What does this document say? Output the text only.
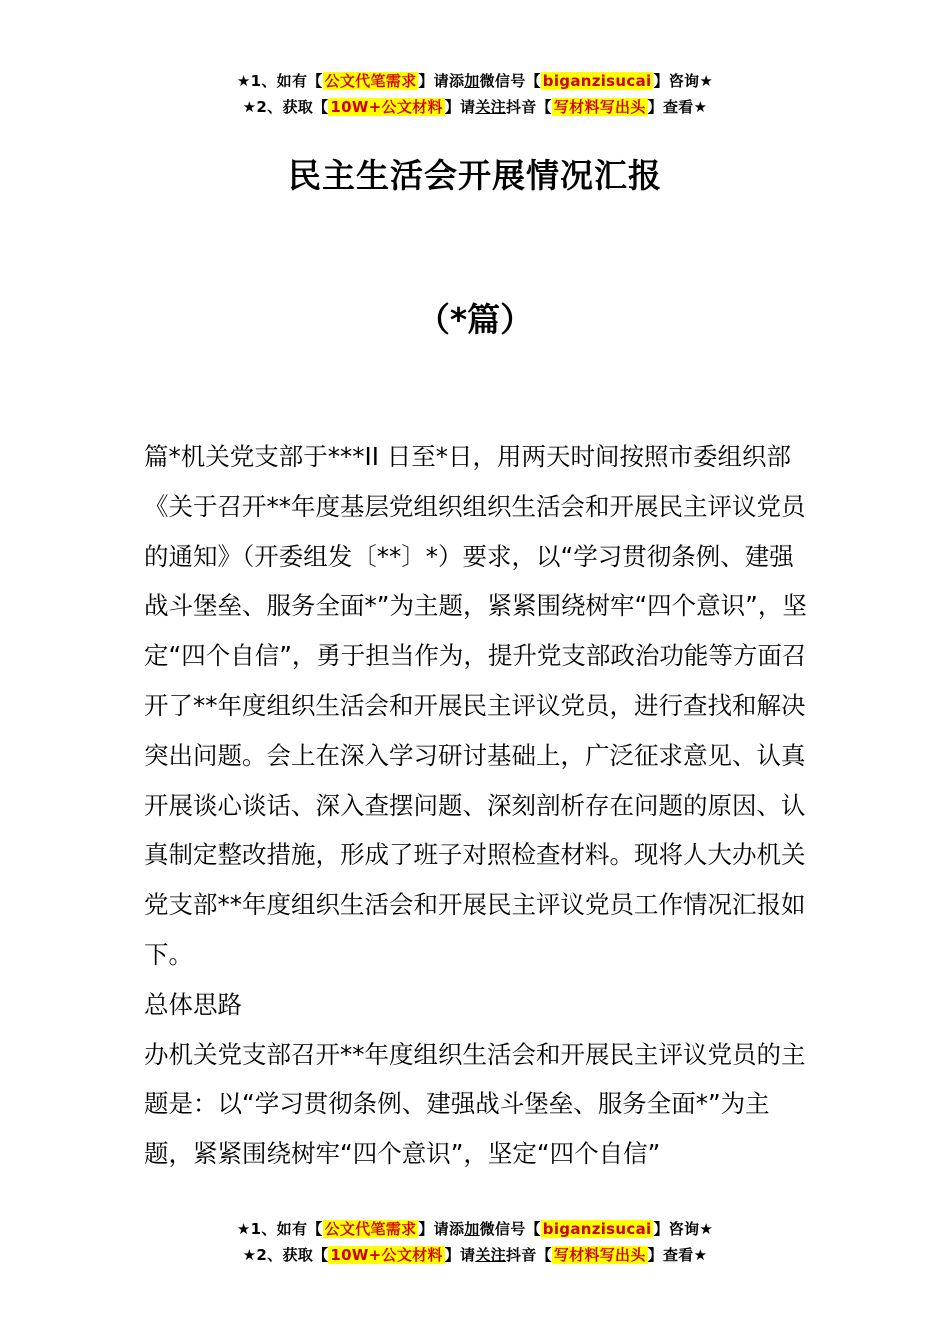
★1、如有【 公文代笔需求 】请添加微信号【 biganzisucai 】咨询★
★2、获取【 10W+公文材料 】请关注抖音【 写材料写出头 】查看★
民主生活会开展情况汇报
（*篇）

篇*机关党支部于***II 日至*日，用两天时间按照市委组织部《关于召开**年度基层党组织组织生活会和开展民主评议党员的通知》（开委组发〔**〕*）要求，以“学习贯彻条例、建强战斗堡垒、服务全面*”为主题，紧紧围绕树牢“四个意识”，坚定“四个自信”，勇于担当作为，提升党支部政治功能等方面召开了**年度组织生活会和开展民主评议党员，进行查找和解决突出问题。会上在深入学习研讨基础上，广泛征求意见、认真开展谈心谈话、深入查摆问题、深刻剖析存在问题的原因、认真制定整改措施，形成了班子对照检查材料。现将人大办机关党支部**年度组织生活会和开展民主评议党员工作情况汇报如下。

总体思路

办机关党支部召开**年度组织生活会和开展民主评议党员的主题是：以“学习贯彻条例、建强战斗堡垒、服务全面*”为主题，紧紧围绕树牢“四个意识”，坚定“四个自信”

★1、如有【 公文代笔需求 】请添加微信号【 biganzisucai 】咨询★
★2、获取【 10W+公文材料 】请关注抖音【 写材料写出头 】查看★
